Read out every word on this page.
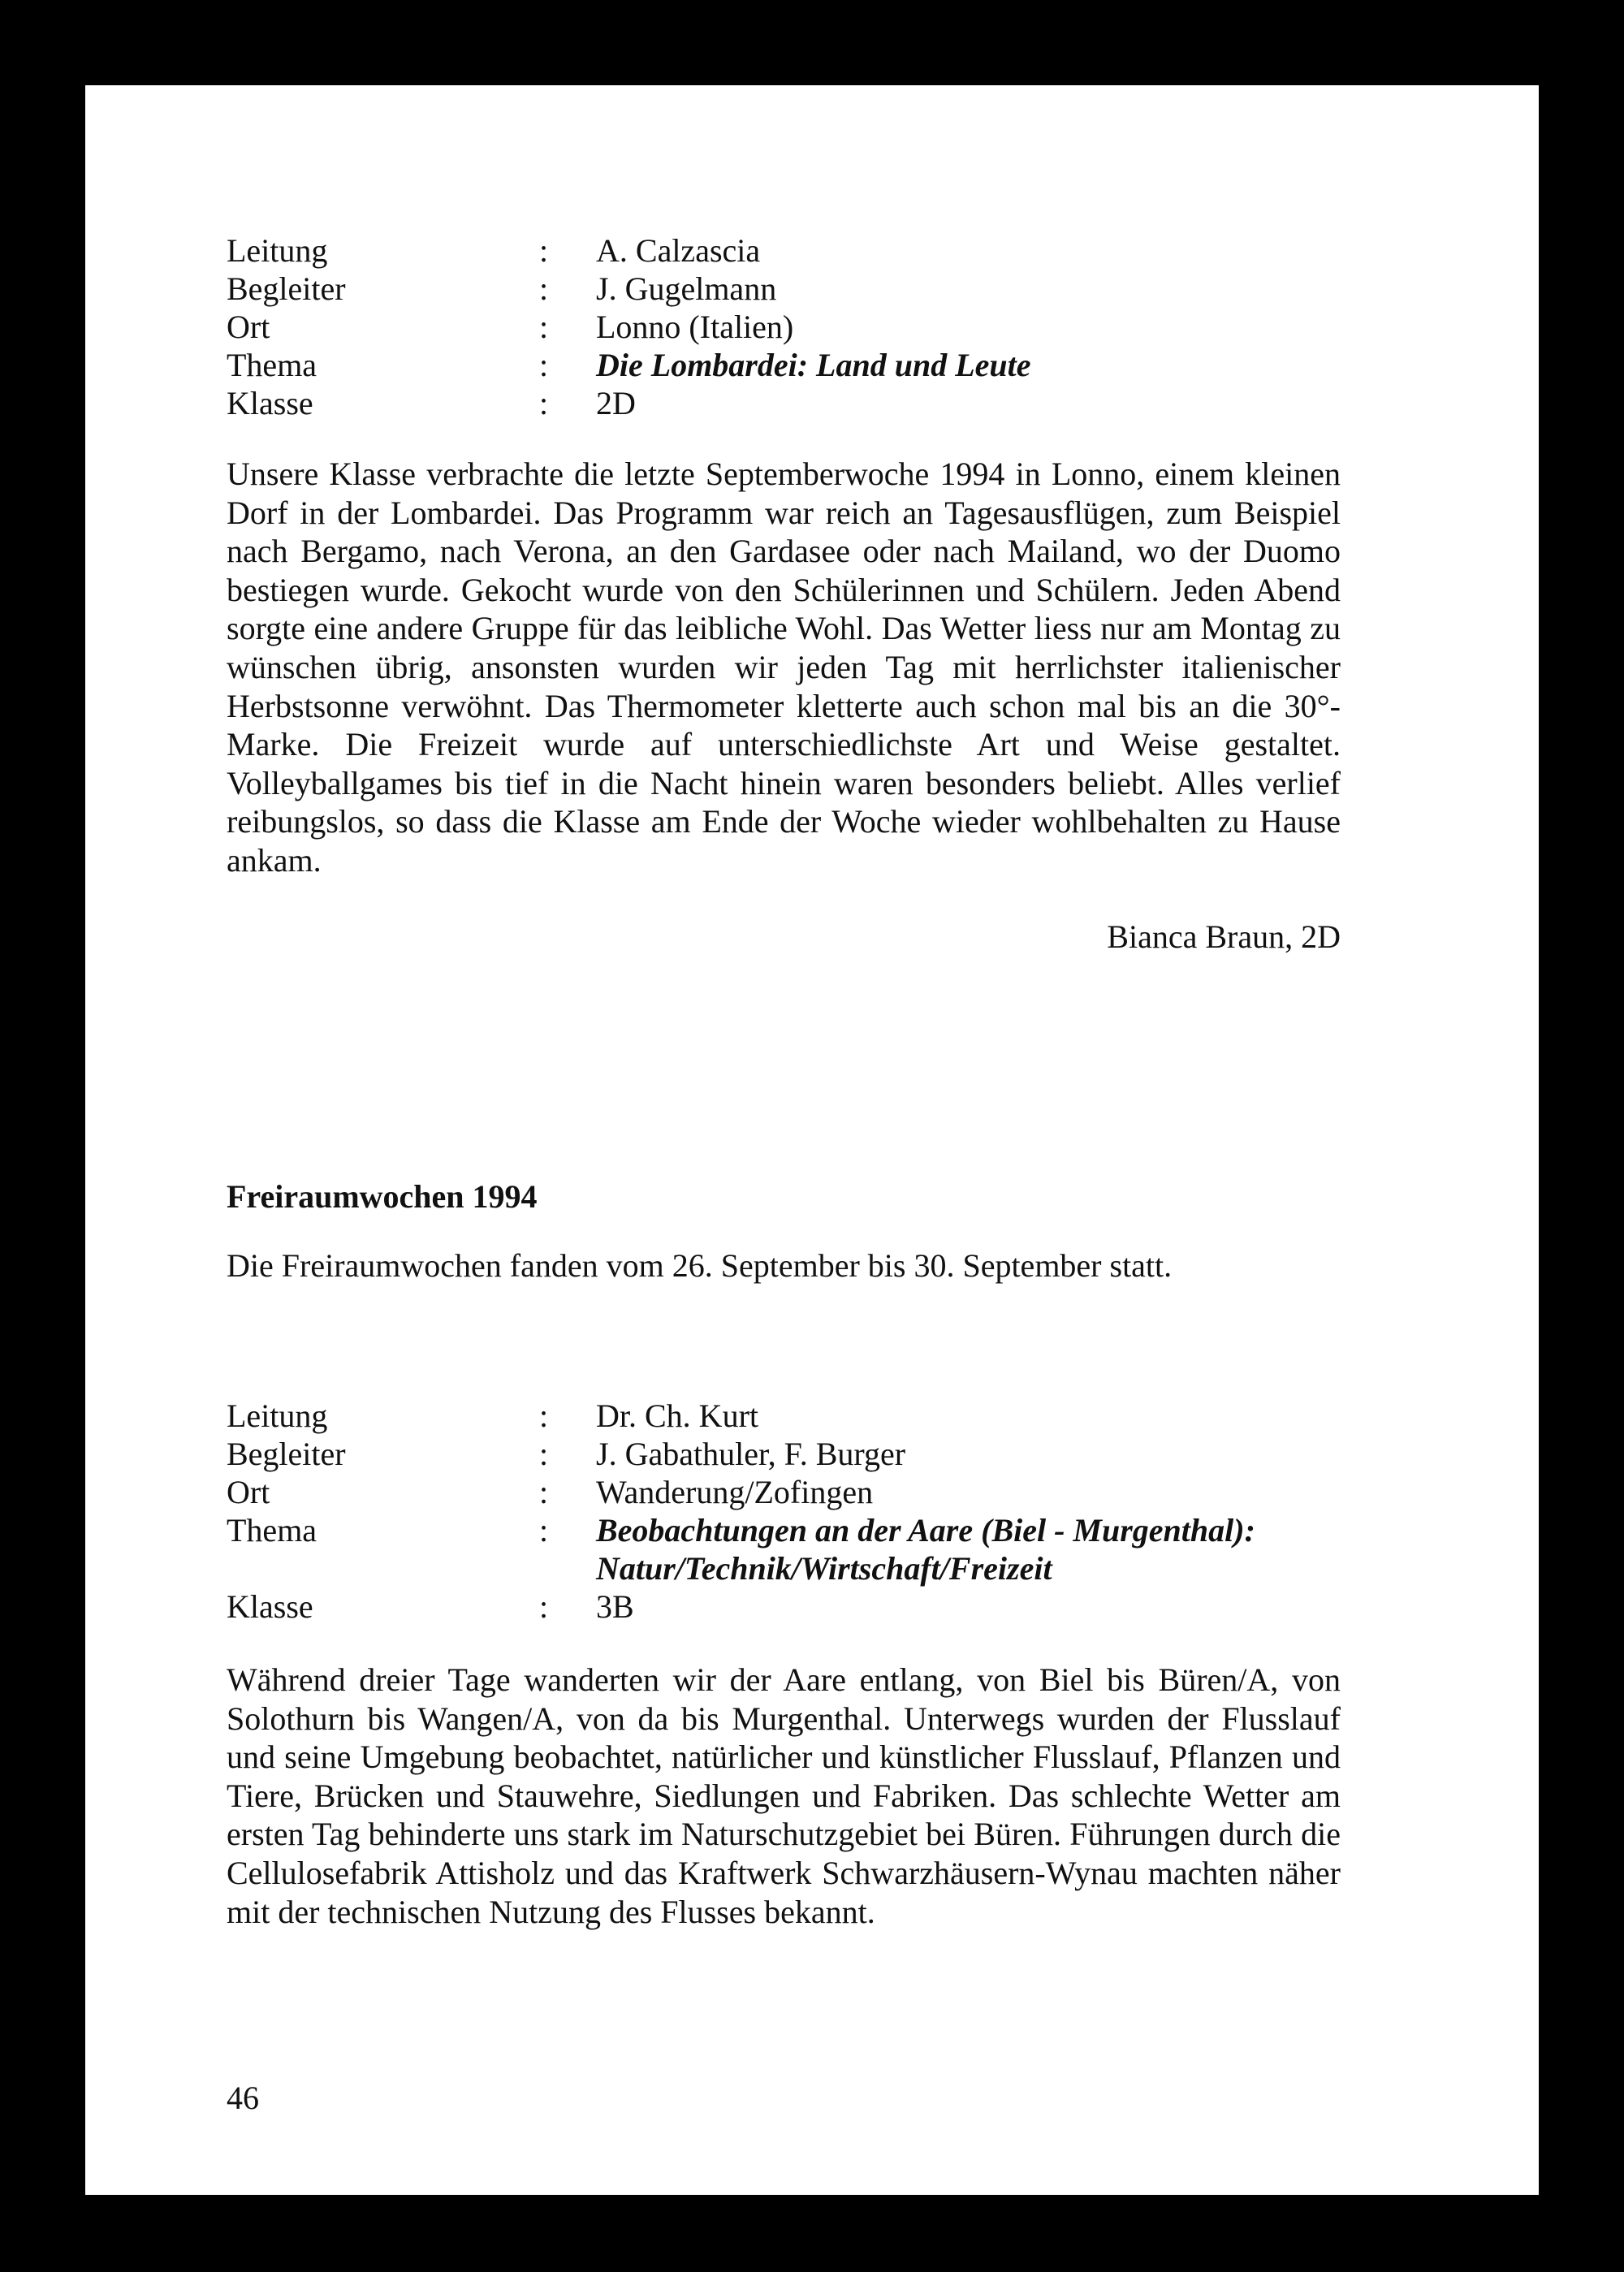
Leitung	:	A. Calzascia
Begleiter	:	J. Gugelmann
Ort	:	Lonno (Italien)
Thema	:	Die Lombardei: Land und Leute
Klasse	:	2D

Unsere Klasse verbrachte die letzte Septemberwoche 1994 in Lonno, einem kleinen Dorf in der Lombardei. Das Programm war reich an Tagesausflügen, zum Beispiel nach Bergamo, nach Verona, an den Gardasee oder nach Mailand, wo der Duomo bestiegen wurde. Gekocht wurde von den Schülerinnen und Schülern. Jeden Abend sorgte eine andere Gruppe für das leibliche Wohl. Das Wetter liess nur am Montag zu wünschen übrig, ansonsten wurden wir jeden Tag mit herrlichster italienischer Herbstsonne verwöhnt. Das Thermometer kletterte auch schon mal bis an die 30°-Marke. Die Freizeit wurde auf unterschiedlichste Art und Weise gestaltet. Volleyballgames bis tief in die Nacht hinein waren besonders beliebt. Alles verlief reibungslos, so dass die Klasse am Ende der Woche wieder wohlbehalten zu Hause ankam.

Bianca Braun, 2D
Freiraumwochen 1994

Die Freiraumwochen fanden vom 26. September bis 30. September statt.

Leitung	:	Dr. Ch. Kurt
Begleiter	:	J. Gabathuler, F. Burger
Ort	:	Wanderung/Zofingen
Thema	:	Beobachtungen an der Aare (Biel - Murgenthal):
Natur/Technik/Wirtschaft/Freizeit
Klasse	:	3B

Während dreier Tage wanderten wir der Aare entlang, von Biel bis Büren/A, von Solothurn bis Wangen/A, von da bis Murgenthal. Unterwegs wurden der Flusslauf und seine Umgebung beobachtet, natürlicher und künstlicher Flusslauf, Pflanzen und Tiere, Brücken und Stauwehre, Siedlungen und Fabriken. Das schlechte Wetter am ersten Tag behinderte uns stark im Naturschutzgebiet bei Büren. Führungen durch die Cellulosefabrik Attisholz und das Kraftwerk Schwarzhäusern-Wynau machten näher mit der technischen Nutzung des Flusses bekannt.

46
